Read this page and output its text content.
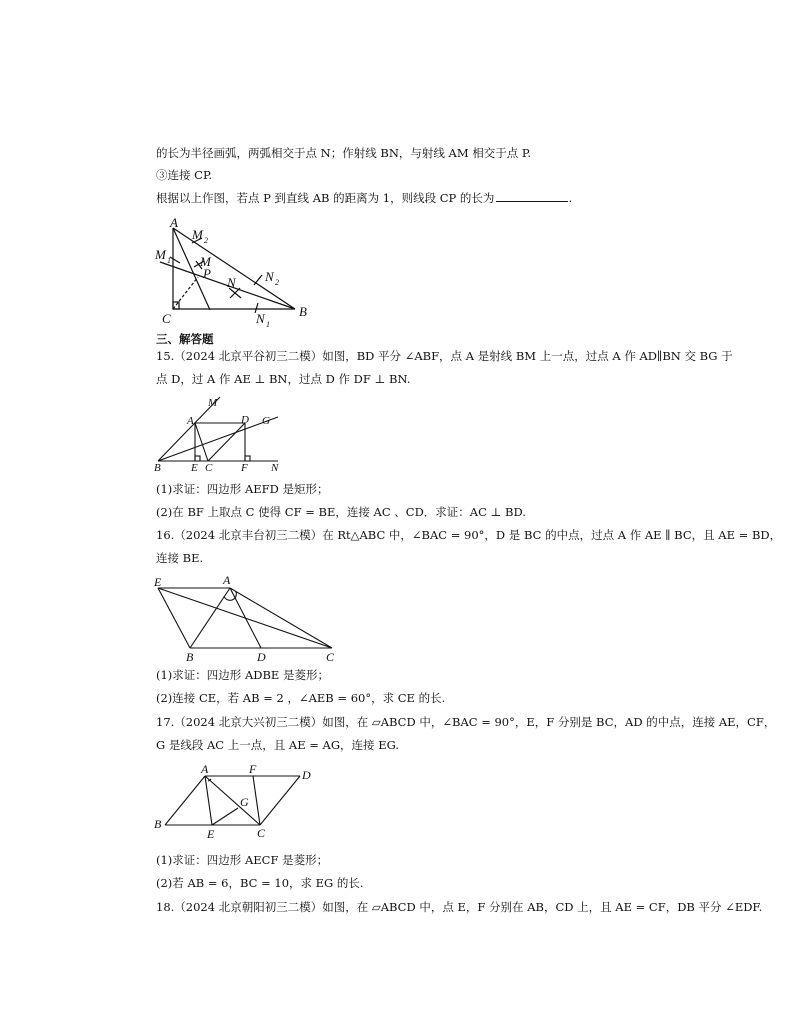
的长为半径画弧，两弧相交于点 N；作射线 BN，与射线 AM 相交于点 P.
③连接 CP.
根据以上作图，若点 P 到直线 AB 的距离为 1，则线段 CP 的长为	.
A
M 1
M 2
M
P
N N 2
N 1
C	B
三、解答题
15.（2024 北京平谷初三二模）如图，BD 平分 ∠ABF，点 A 是射线 BM 上一点，过点 A 作 AD∥BN 交 BG 于
点 D，过 A 作 AE ⊥ BN，过点 D 作 DF ⊥ BN.
M
A	D G
B	E C	F N
(1)求证：四边形 AEFD 是矩形；
(2)在 BF 上取点 C 使得 CF = BE，连接 AC 、CD．求证：AC ⊥ BD.
16.（2024 北京丰台初三二模）在 Rt△ABC 中，∠BAC = 90°，D 是 BC 的中点，过点 A 作 AE ∥ BC，且 AE = BD，
连接 BE.
E	A
B	D	C
(1)求证：四边形 ADBE 是菱形；
(2)连接 CE，若 AB = 2 ，∠AEB = 60°，求 CE 的长.
17.（2024 北京大兴初三二模）如图，在 ▱ABCD 中，∠BAC = 90°，E，F 分别是 BC，AD 的中点，连接 AE，CF，
G 是线段 AC 上一点，且 AE = AG，连接 EG.
A	F	D
G
B
E	C
(1)求证：四边形 AECF 是菱形；
(2)若 AB = 6，BC = 10，求 EG 的长.
18.（2024 北京朝阳初三二模）如图，在 ▱ABCD 中，点 E，F 分别在 AB，CD 上，且 AE = CF，DB 平分 ∠EDF.
